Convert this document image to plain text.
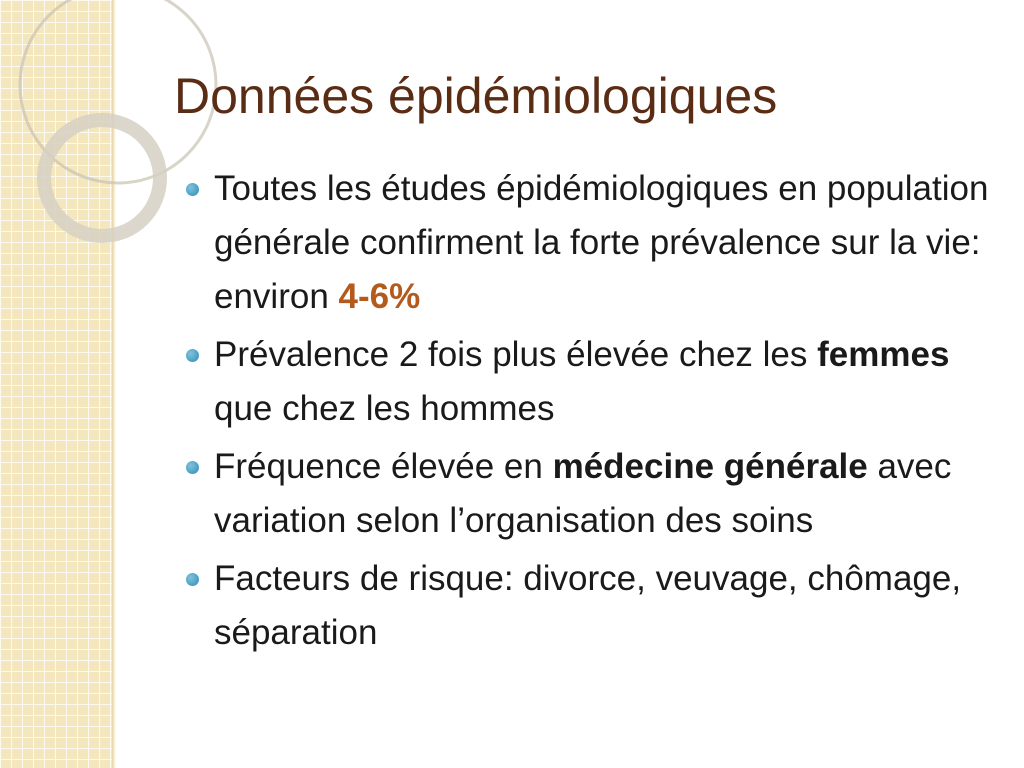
Données épidémiologiques
Toutes les études épidémiologiques en population générale confirment la forte prévalence sur la vie: environ 4-6%
Prévalence 2 fois plus élevée chez les femmes que chez les hommes
Fréquence élevée en médecine générale avec variation selon l’organisation des soins
Facteurs de risque: divorce, veuvage, chômage, séparation
